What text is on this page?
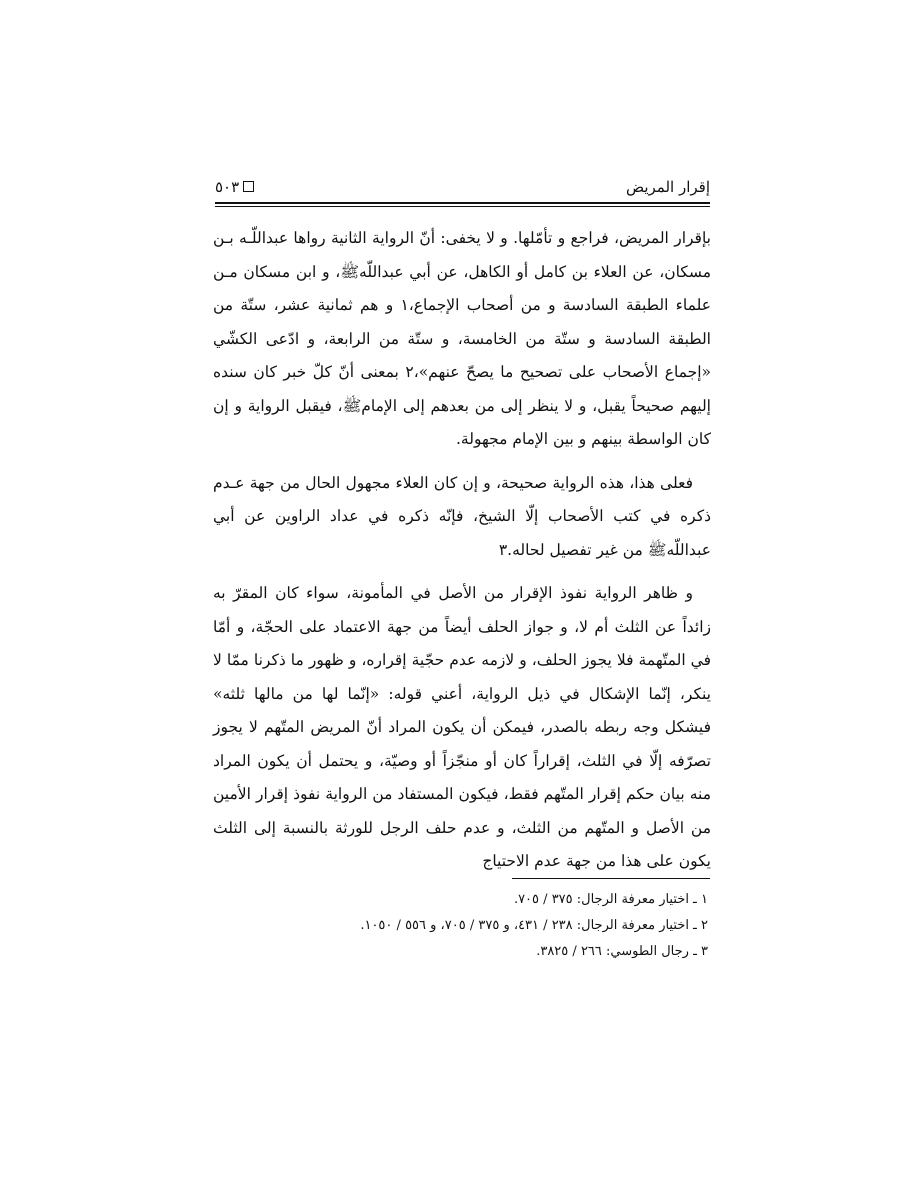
إقرار المريض
٥٠٣

بإقرار المريض، فراجع و تأمّلها. و لا يخفى: أنّ الرواية الثانية رواها عبداللّـه بـن مسكان، عن العلاء بن كامل أو الكاهل، عن أبي عبداللّه‌ﷺ، و ابن مسكان مـن علماء الطبقة السادسة و من أصحاب الإجماع،١ و هم ثمانية عشر، ستّة من الطبقة السادسة و ستّة من الخامسة، و ستّة من الرابعة، و ادّعى الكشّي «إجماع الأصحاب على تصحيح ما يصحّ عنهم»،٢ بمعنى أنّ كلّ خبر كان سنده إليهم صحيحاً يقبل، و لا ينظر إلى من بعدهم إلى الإمام‌ﷺ، فيقبل الرواية و إن كان الواسطة بينهم و بين الإمام مجهولة.

فعلى هذا، هذه الرواية صحيحة، و إن كان العلاء مجهول الحال من جهة عـدم ذكره في كتب الأصحاب إلّا الشيخ، فإنّه ذكره في عداد الراوين عن أبي عبداللّه‌ﷺ من غير تفصيل لحاله.٣

و ظاهر الرواية نفوذ الإقرار من الأصل في المأمونة، سواء كان المقرّ به زائداً عن الثلث أم لا، و جواز الحلف أيضاً من جهة الاعتماد على الحجّة، و أمّا في المتّهمة فلا يجوز الحلف، و لازمه عدم حجّية إقراره، و ظهور ما ذكرنا ممّا لا ينكر، إنّما الإشكال في ذيل الرواية، أعني قوله: «إنّما لها من مالها ثلثه» فيشكل وجه ربطه بالصدر، فيمكن أن يكون المراد أنّ المريض المتّهم لا يجوز تصرّفه إلّا في الثلث، إقراراً كان أو منجّزاً أو وصيّة، و يحتمل أن يكون المراد منه بيان حكم إقرار المتّهم فقط، فيكون المستفاد من الرواية نفوذ إقرار الأمين من الأصل و المتّهم من الثلث، و عدم حلف الرجل للورثة بالنسبة إلى الثلث يكون على هذا من جهة عدم الاحتياج

١ ـ اختيار معرفة الرجال: ٣٧٥ / ٧٠٥.
٢ ـ اختيار معرفة الرجال: ٢٣٨ / ٤٣١، و ٣٧٥ / ٧٠٥، و ٥٥٦ / ١٠٥٠.
٣ ـ رجال الطوسي: ٢٦٦ / ٣٨٢٥.
